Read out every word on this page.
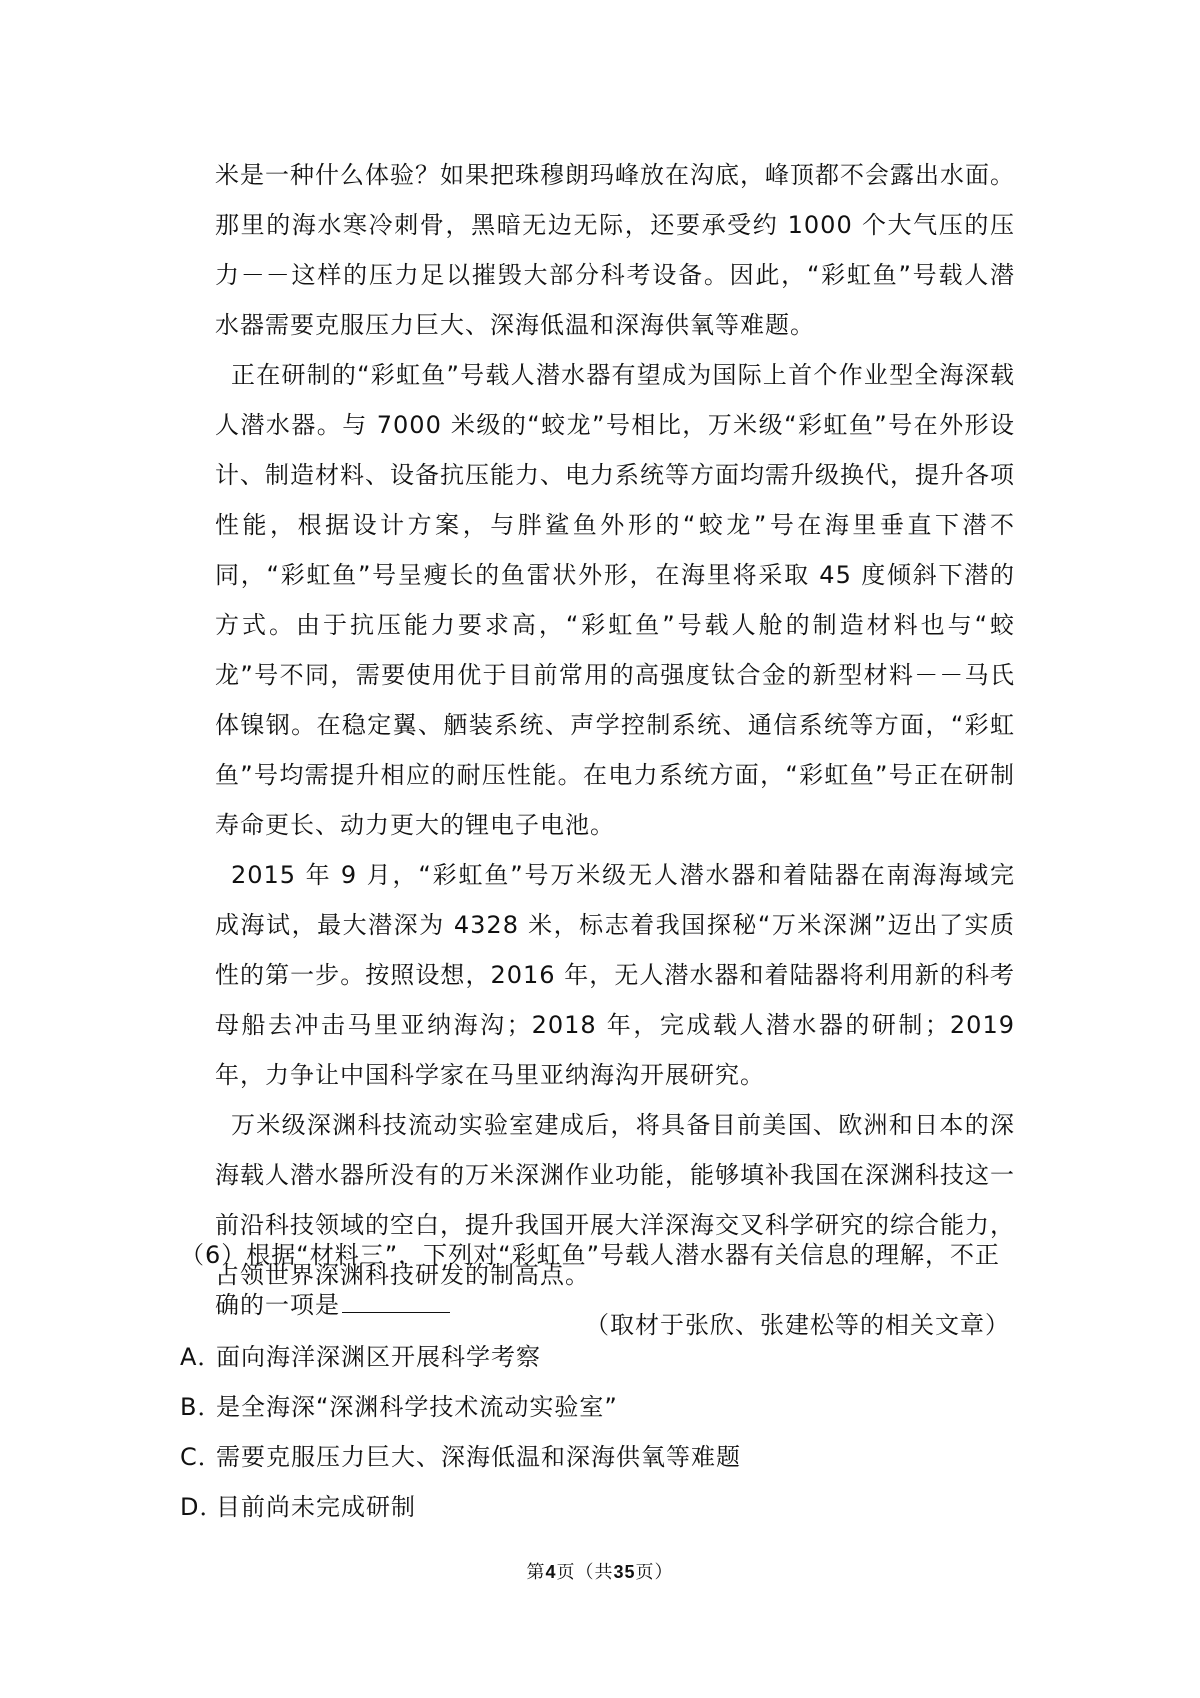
米是一种什么体验？如果把珠穆朗玛峰放在沟底，峰顶都不会露出水面。那里的海水寒冷刺骨，黑暗无边无际，还要承受约 1000 个大气压的压力－－这样的压力足以摧毁大部分科考设备。因此，“彩虹鱼”号载人潜水器需要克服压力巨大、深海低温和深海供氧等难题。

正在研制的“彩虹鱼”号载人潜水器有望成为国际上首个作业型全海深载人潜水器。与 7000 米级的“蛟龙”号相比，万米级“彩虹鱼”号在外形设计、制造材料、设备抗压能力、电力系统等方面均需升级换代，提升各项性能，根据设计方案，与胖鲨鱼外形的“蛟龙”号在海里垂直下潜不同，“彩虹鱼”号呈瘦长的鱼雷状外形，在海里将采取 45 度倾斜下潜的方式。由于抗压能力要求高，“彩虹鱼”号载人舱的制造材料也与“蛟龙”号不同，需要使用优于目前常用的高强度钛合金的新型材料－－马氏体镍钢。在稳定翼、舾装系统、声学控制系统、通信系统等方面，“彩虹鱼”号均需提升相应的耐压性能。在电力系统方面，“彩虹鱼”号正在研制寿命更长、动力更大的锂电子电池。

2015 年 9 月，“彩虹鱼”号万米级无人潜水器和着陆器在南海海域完成海试，最大潜深为 4328 米，标志着我国探秘“万米深渊”迈出了实质性的第一步。按照设想，2016 年，无人潜水器和着陆器将利用新的科考母船去冲击马里亚纳海沟；2018 年，完成载人潜水器的研制；2019 年，力争让中国科学家在马里亚纳海沟开展研究。

万米级深渊科技流动实验室建成后，将具备目前美国、欧洲和日本的深海载人潜水器所没有的万米深渊作业功能，能够填补我国在深渊科技这一前沿科技领域的空白，提升我国开展大洋深海交叉科学研究的综合能力，占领世界深渊科技研发的制高点。

（取材于张欣、张建松等的相关文章）

（6）根据“材料三”，下列对“彩虹鱼”号载人潜水器有关信息的理解，不正确的一项是

A．
面向海洋深渊区开展科学考察
B．
是全海深“深渊科学技术流动实验室”
C．
需要克服压力巨大、深海低温和深海供氧等难题
D．
目前尚未完成研制
第4页（共35页）
